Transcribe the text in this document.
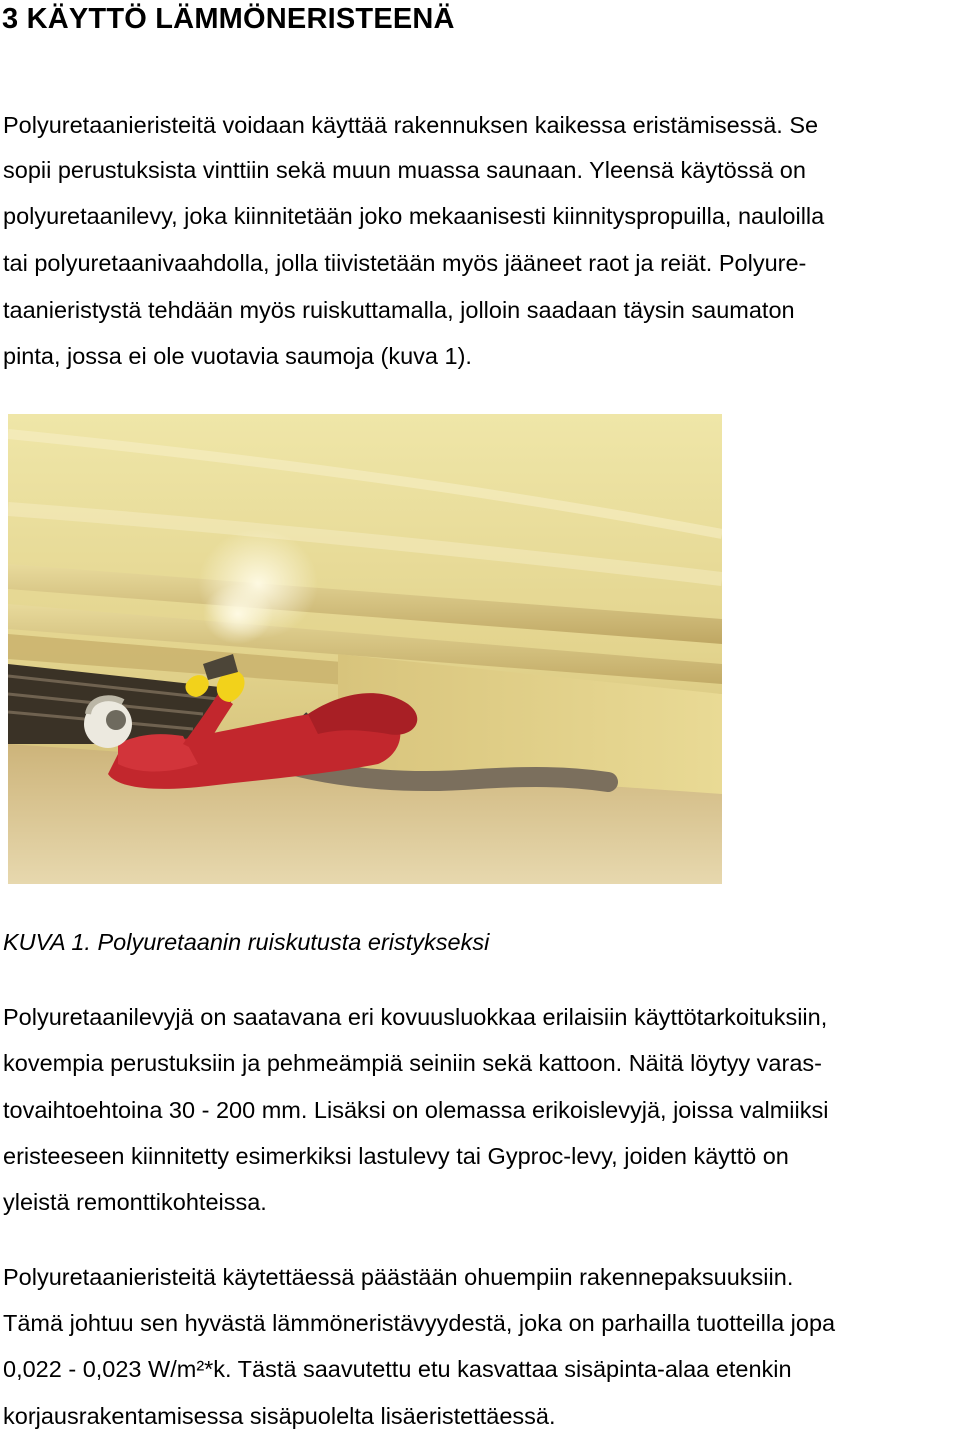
3 KÄYTTÖ LÄMMÖNERISTEENÄ

Polyuretaanieristeitä voidaan käyttää rakennuksen kaikessa eristämisessä. Se

sopii perustuksista vinttiin sekä muun muassa saunaan. Yleensä käytössä on

polyuretaanilevy, joka kiinnitetään joko mekaanisesti kiinnityspropuilla, nauloilla

tai polyuretaanivaahdolla, jolla tiivistetään myös jääneet raot ja reiät. Polyure-

taanieristystä tehdään myös ruiskuttamalla, jolloin saadaan täysin saumaton

pinta, jossa ei ole vuotavia saumoja (kuva 1).

KUVA 1. Polyuretaanin ruiskutusta eristykseksi

Polyuretaanilevyjä on saatavana eri kovuusluokkaa erilaisiin käyttötarkoituksiin,

kovempia perustuksiin ja pehmeämpiä seiniin sekä kattoon. Näitä löytyy varas-

tovaihtoehtoina 30 - 200 mm. Lisäksi on olemassa erikoislevyjä, joissa valmiiksi

eristeeseen kiinnitetty esimerkiksi lastulevy tai Gyproc-levy, joiden käyttö on

yleistä remonttikohteissa.

Polyuretaanieristeitä käytettäessä päästään ohuempiin rakennepaksuuksiin.

Tämä johtuu sen hyvästä lämmöneristävyydestä, joka on parhailla tuotteilla jopa

0,022 - 0,023 W/m²*k. Tästä saavutettu etu kasvattaa sisäpinta-alaa etenkin

korjausrakentamisessa sisäpuolelta lisäeristettäessä.
